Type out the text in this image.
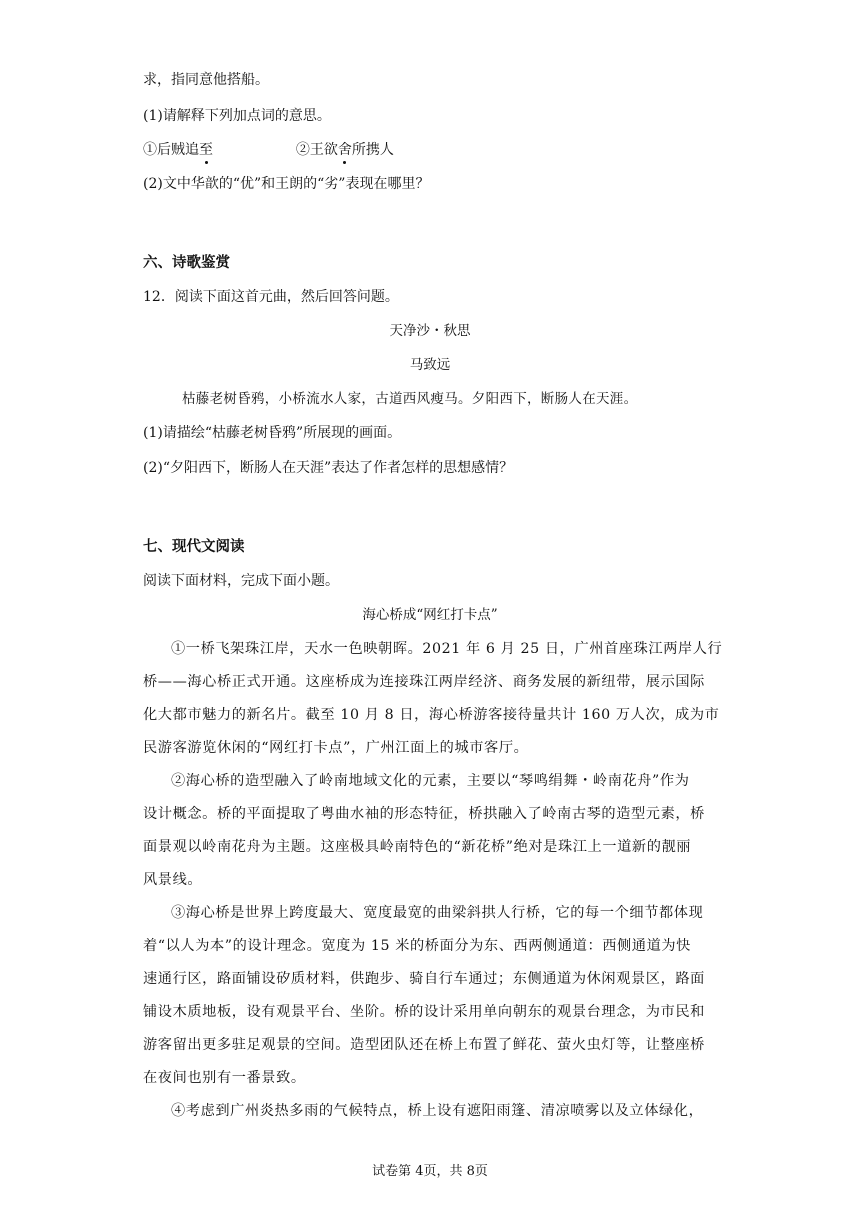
求，指同意他搭船。
(1)请解释下列加点词的意思。
①后贼追至	②王欲舍所携人
(2)文中华歆的“优”和王朗的“劣”表现在哪里？
六、诗歌鉴赏
12．阅读下面这首元曲，然后回答问题。
天净沙・秋思
马致远
枯藤老树昏鸦，小桥流水人家，古道西风瘦马。夕阳西下，断肠人在天涯。
(1)请描绘“枯藤老树昏鸦”所展现的画面。
(2)“夕阳西下，断肠人在天涯”表达了作者怎样的思想感情？
七、现代文阅读
阅读下面材料，完成下面小题。
海心桥成“网红打卡点”
①一桥飞架珠江岸，天水一色映朝晖。2021 年 6 月 25 日，广州首座珠江两岸人行
桥——海心桥正式开通。这座桥成为连接珠江两岸经济、商务发展的新纽带，展示国际
化大都市魅力的新名片。截至 10 月 8 日，海心桥游客接待量共计 160 万人次，成为市
民游客游览休闲的“网红打卡点”，广州江面上的城市客厅。
②海心桥的造型融入了岭南地域文化的元素，主要以“琴鸣绢舞・岭南花舟”作为
设计概念。桥的平面提取了粤曲水袖的形态特征，桥拱融入了岭南古琴的造型元素，桥
面景观以岭南花舟为主题。这座极具岭南特色的“新花桥”绝对是珠江上一道新的靓丽
风景线。
③海心桥是世界上跨度最大、宽度最宽的曲梁斜拱人行桥，它的每一个细节都体现
着“以人为本”的设计理念。宽度为 15 米的桥面分为东、西两侧通道：西侧通道为快
速通行区，路面铺设矽质材料，供跑步、骑自行车通过；东侧通道为休闲观景区，路面
铺设木质地板，设有观景平台、坐阶。桥的设计采用单向朝东的观景台理念，为市民和
游客留出更多驻足观景的空间。造型团队还在桥上布置了鲜花、萤火虫灯等，让整座桥
在夜间也别有一番景致。
④考虑到广州炎热多雨的气候特点，桥上设有遮阳雨篷、清凉喷雾以及立体绿化，
试卷第 4页，共 8页
